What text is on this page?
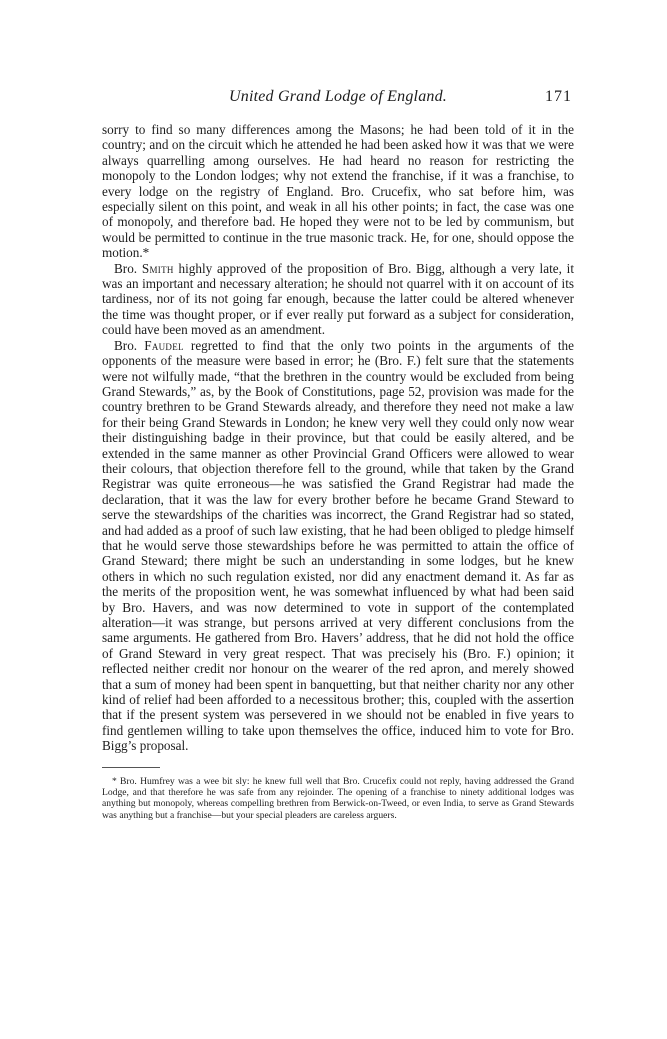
United Grand Lodge of England.	171

sorry to find so many differences among the Masons; he had been told of it in the country; and on the circuit which he attended he had been asked how it was that we were always quarrelling among ourselves. He had heard no reason for restricting the monopoly to the London lodges; why not extend the franchise, if it was a franchise, to every lodge on the registry of England. Bro. Crucefix, who sat before him, was especially silent on this point, and weak in all his other points; in fact, the case was one of monopoly, and therefore bad. He hoped they were not to be led by communism, but would be permitted to continue in the true masonic track. He, for one, should oppose the motion.*

Bro. Smith highly approved of the proposition of Bro. Bigg, although a very late, it was an important and necessary alteration; he should not quarrel with it on account of its tardiness, nor of its not going far enough, because the latter could be altered whenever the time was thought proper, or if ever really put forward as a subject for consideration, could have been moved as an amendment.

Bro. Faudel regretted to find that the only two points in the arguments of the opponents of the measure were based in error; he (Bro. F.) felt sure that the statements were not wilfully made, “that the brethren in the country would be excluded from being Grand Stewards,” as, by the Book of Constitutions, page 52, provision was made for the country brethren to be Grand Stewards already, and therefore they need not make a law for their being Grand Stewards in London; he knew very well they could only now wear their distinguishing badge in their province, but that could be easily altered, and be extended in the same manner as other Provincial Grand Officers were allowed to wear their colours, that objection therefore fell to the ground, while that taken by the Grand Registrar was quite erroneous—he was satisfied the Grand Registrar had made the declaration, that it was the law for every brother before he became Grand Steward to serve the stewardships of the charities was incorrect, the Grand Registrar had so stated, and had added as a proof of such law existing, that he had been obliged to pledge himself that he would serve those stewardships before he was permitted to attain the office of Grand Steward; there might be such an understanding in some lodges, but he knew others in which no such regulation existed, nor did any enactment demand it. As far as the merits of the proposition went, he was somewhat influenced by what had been said by Bro. Havers, and was now determined to vote in support of the contemplated alteration—it was strange, but persons arrived at very different conclusions from the same arguments. He gathered from Bro. Havers’ address, that he did not hold the office of Grand Steward in very great respect. That was precisely his (Bro. F.) opinion; it reflected neither credit nor honour on the wearer of the red apron, and merely showed that a sum of money had been spent in banquetting, but that neither charity nor any other kind of relief had been afforded to a necessitous brother; this, coupled with the assertion that if the present system was persevered in we should not be enabled in five years to find gentlemen willing to take upon themselves the office, induced him to vote for Bro. Bigg’s proposal.

* Bro. Humfrey was a wee bit sly: he knew full well that Bro. Crucefix could not reply, having addressed the Grand Lodge, and that therefore he was safe from any rejoinder. The opening of a franchise to ninety additional lodges was anything but monopoly, whereas compelling brethren from Berwick-on-Tweed, or even India, to serve as Grand Stewards was anything but a franchise—but your special pleaders are careless arguers.
